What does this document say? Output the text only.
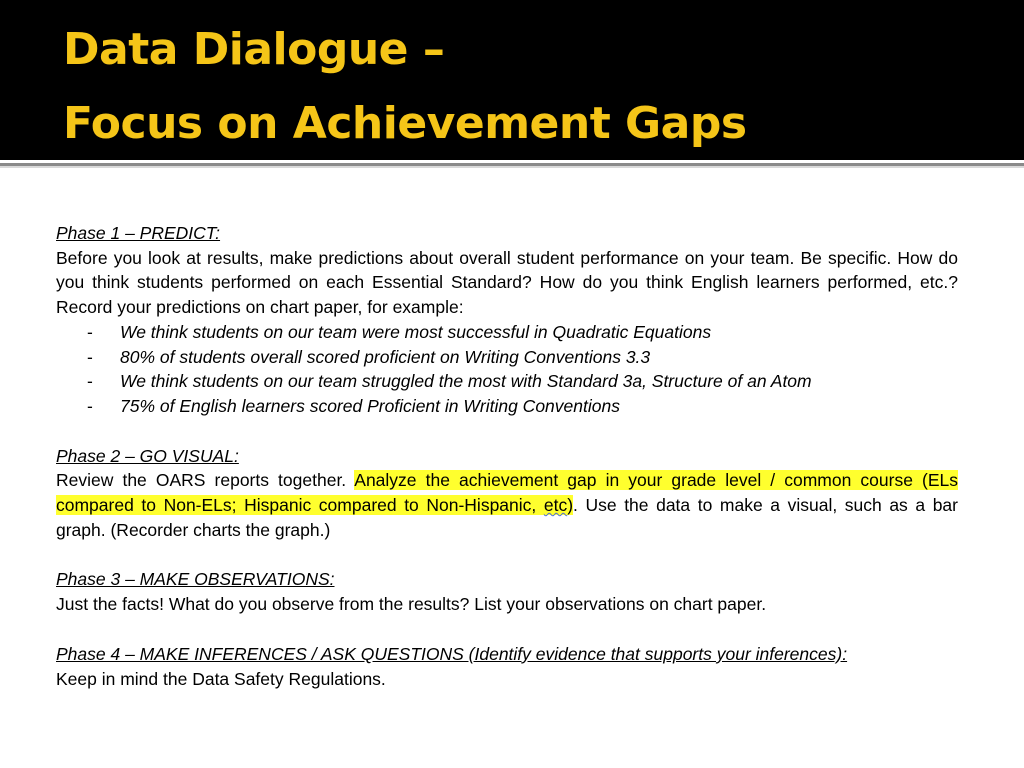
Data Dialogue –
Focus on Achievement Gaps

Phase 1 – PREDICT:

Before you look at results, make predictions about overall student performance on your team. Be specific. How do you think students performed on each Essential Standard? How do you think English learners performed, etc.? Record your predictions on chart paper, for example:

- We think students on our team were most successful in Quadratic Equations
- 80% of students overall scored proficient on Writing Conventions 3.3
- We think students on our team struggled the most with Standard 3a, Structure of an Atom
- 75% of English learners scored Proficient in Writing Conventions

Phase 2 – GO VISUAL:

Review the OARS reports together. Analyze the achievement gap in your grade level / common course (ELs compared to Non-ELs; Hispanic compared to Non-Hispanic, etc). Use the data to make a visual, such as a bar graph. (Recorder charts the graph.)

Phase 3 – MAKE OBSERVATIONS:

Just the facts! What do you observe from the results? List your observations on chart paper.

Phase 4 – MAKE INFERENCES / ASK QUESTIONS (Identify evidence that supports your inferences):

Keep in mind the Data Safety Regulations.
